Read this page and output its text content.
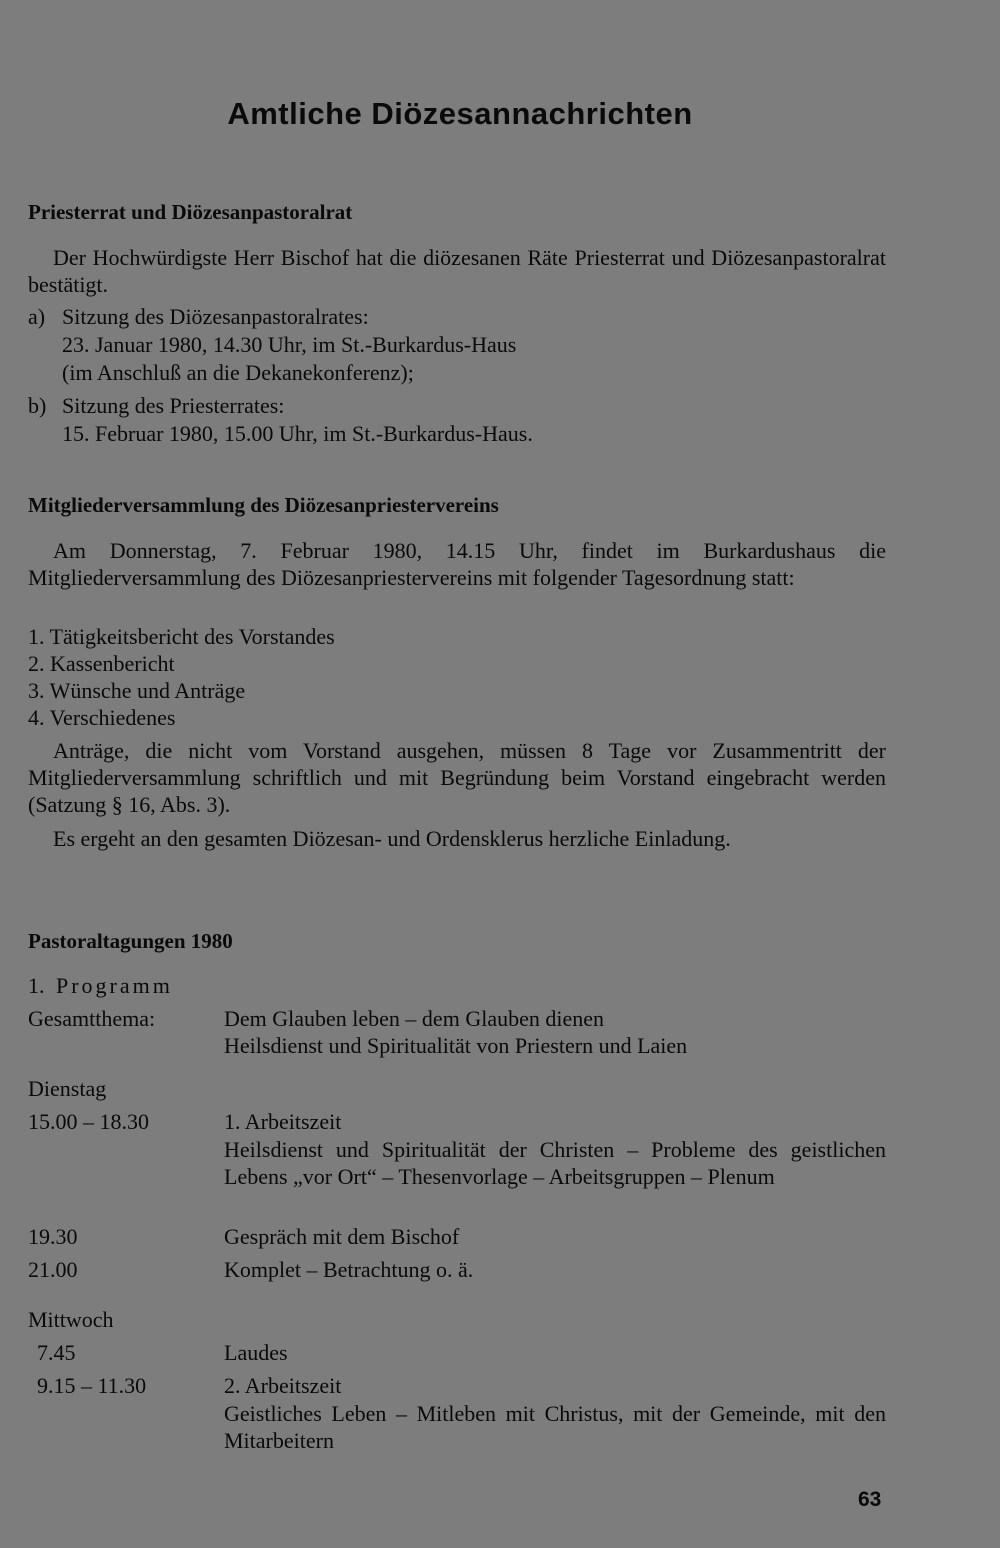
Amtliche Diözesannachrichten
Priesterrat und Diözesanpastoralrat

Der Hochwürdigste Herr Bischof hat die diözesanen Räte Priesterrat und Diözesanpastoralrat bestätigt.

a) Sitzung des Diözesanpastoralrates:

23. Januar 1980, 14.30 Uhr, im St.-Burkardus-Haus

(im Anschluß an die Dekanekonferenz);

b) Sitzung des Priesterrates:

15. Februar 1980, 15.00 Uhr, im St.-Burkardus-Haus.

Mitgliederversammlung des Diözesanpriestervereins

Am Donnerstag, 7. Februar 1980, 14.15 Uhr, findet im Burkardushaus die Mitgliederversammlung des Diözesanpriestervereins mit folgender Tagesordnung statt:

1. Tätigkeitsbericht des Vorstandes

2. Kassenbericht

3. Wünsche und Anträge

4. Verschiedenes

Anträge, die nicht vom Vorstand ausgehen, müssen 8 Tage vor Zusammentritt der Mitgliederversammlung schriftlich und mit Begründung beim Vorstand eingebracht werden (Satzung § 16, Abs. 3).

Es ergeht an den gesamten Diözesan- und Ordensklerus herzliche Einladung.

Pastoraltagungen 1980

1. Programm

Gesamtthema:	Dem Glauben leben – dem Glauben dienen

Heilsdienst und Spiritualität von Priestern und Laien

Dienstag

15.00 – 18.30	1. Arbeitszeit

Heilsdienst und Spiritualität der Christen – Probleme des geistlichen Lebens „vor Ort“ – Thesenvorlage – Arbeitsgruppen – Plenum

19.30	Gespräch mit dem Bischof

21.00	Komplet – Betrachtung o. ä.

Mittwoch

7.45	Laudes

9.15 – 11.30	2. Arbeitszeit

Geistliches Leben – Mitleben mit Christus, mit der Gemeinde, mit den Mitarbeitern

63
